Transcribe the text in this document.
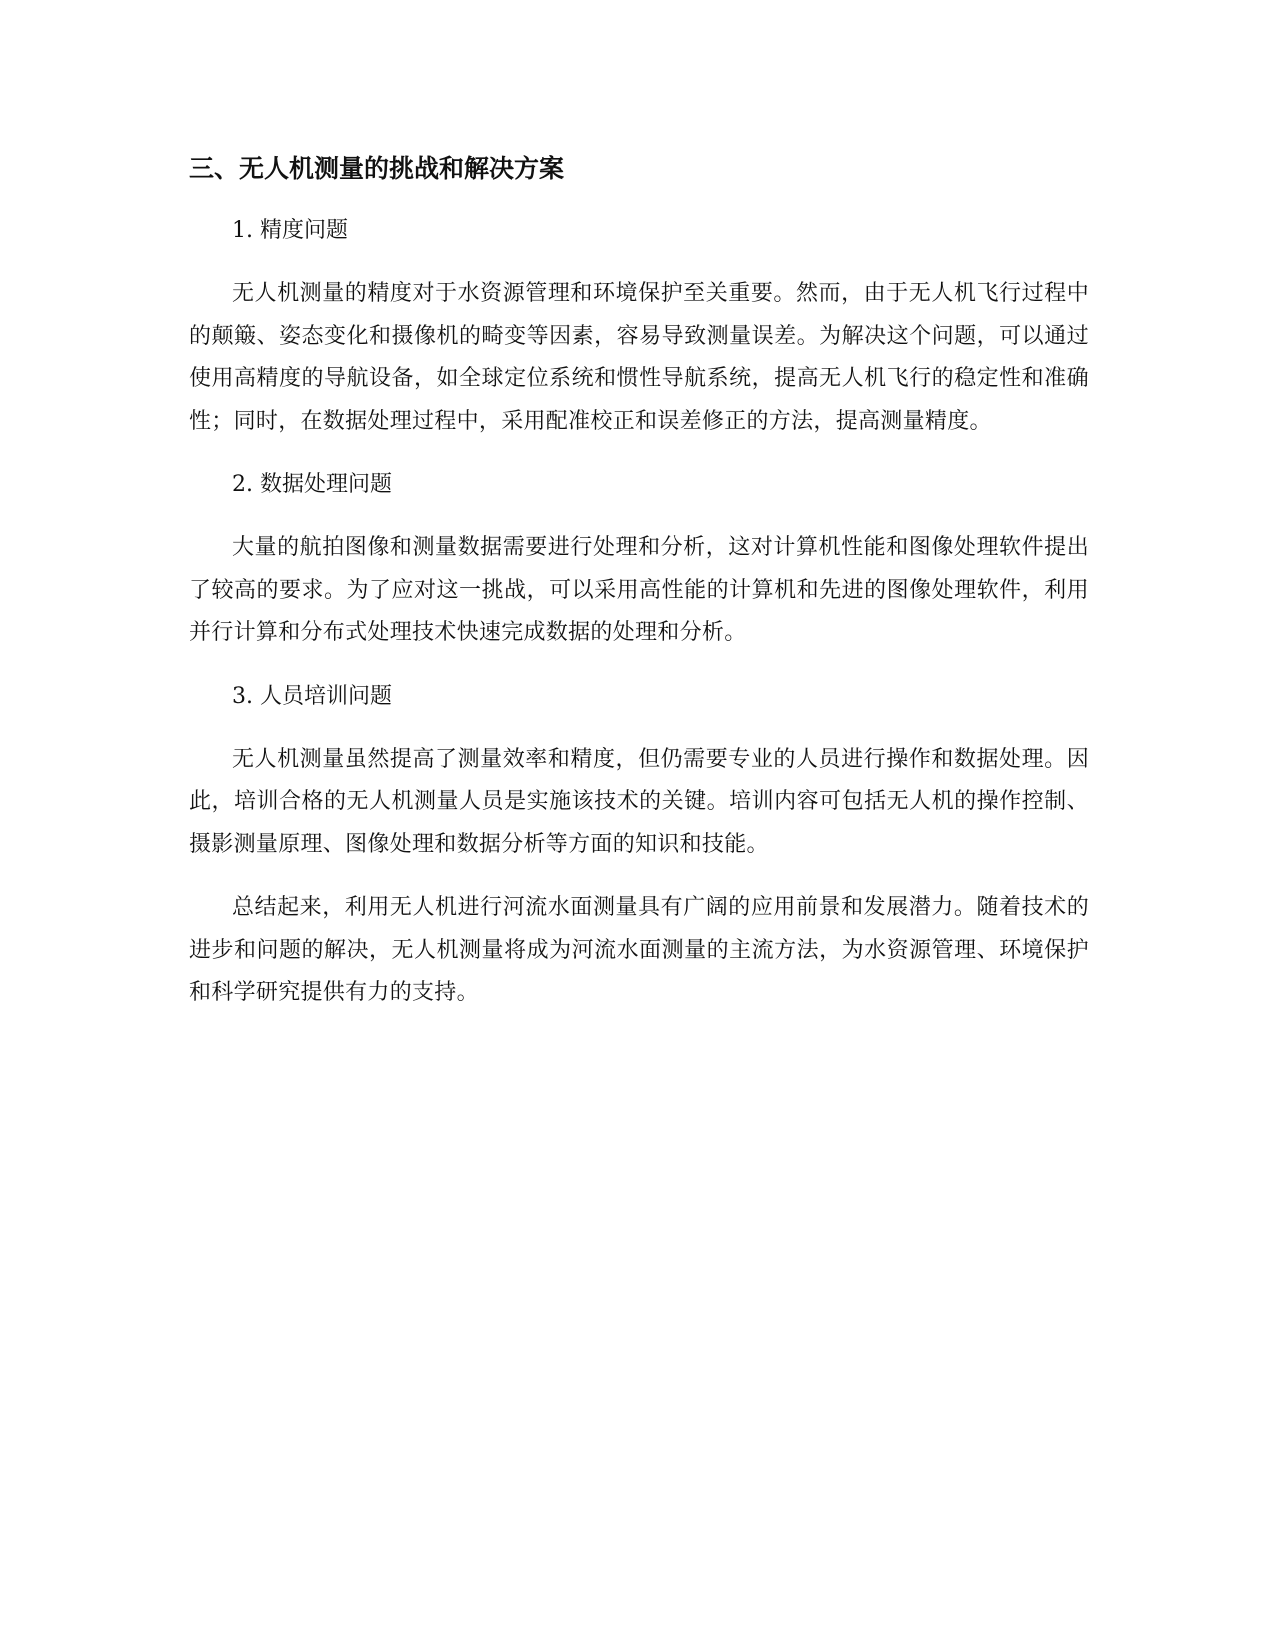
三、无人机测量的挑战和解决方案

1. 精度问题

无人机测量的精度对于水资源管理和环境保护至关重要。然而，由于无人机飞行过程中的颠簸、姿态变化和摄像机的畸变等因素，容易导致测量误差。为解决这个问题，可以通过使用高精度的导航设备，如全球定位系统和惯性导航系统，提高无人机飞行的稳定性和准确性；同时，在数据处理过程中，采用配准校正和误差修正的方法，提高测量精度。

2. 数据处理问题

大量的航拍图像和测量数据需要进行处理和分析，这对计算机性能和图像处理软件提出了较高的要求。为了应对这一挑战，可以采用高性能的计算机和先进的图像处理软件，利用并行计算和分布式处理技术快速完成数据的处理和分析。

3. 人员培训问题

无人机测量虽然提高了测量效率和精度，但仍需要专业的人员进行操作和数据处理。因此，培训合格的无人机测量人员是实施该技术的关键。培训内容可包括无人机的操作控制、摄影测量原理、图像处理和数据分析等方面的知识和技能。

总结起来，利用无人机进行河流水面测量具有广阔的应用前景和发展潜力。随着技术的进步和问题的解决，无人机测量将成为河流水面测量的主流方法，为水资源管理、环境保护和科学研究提供有力的支持。
